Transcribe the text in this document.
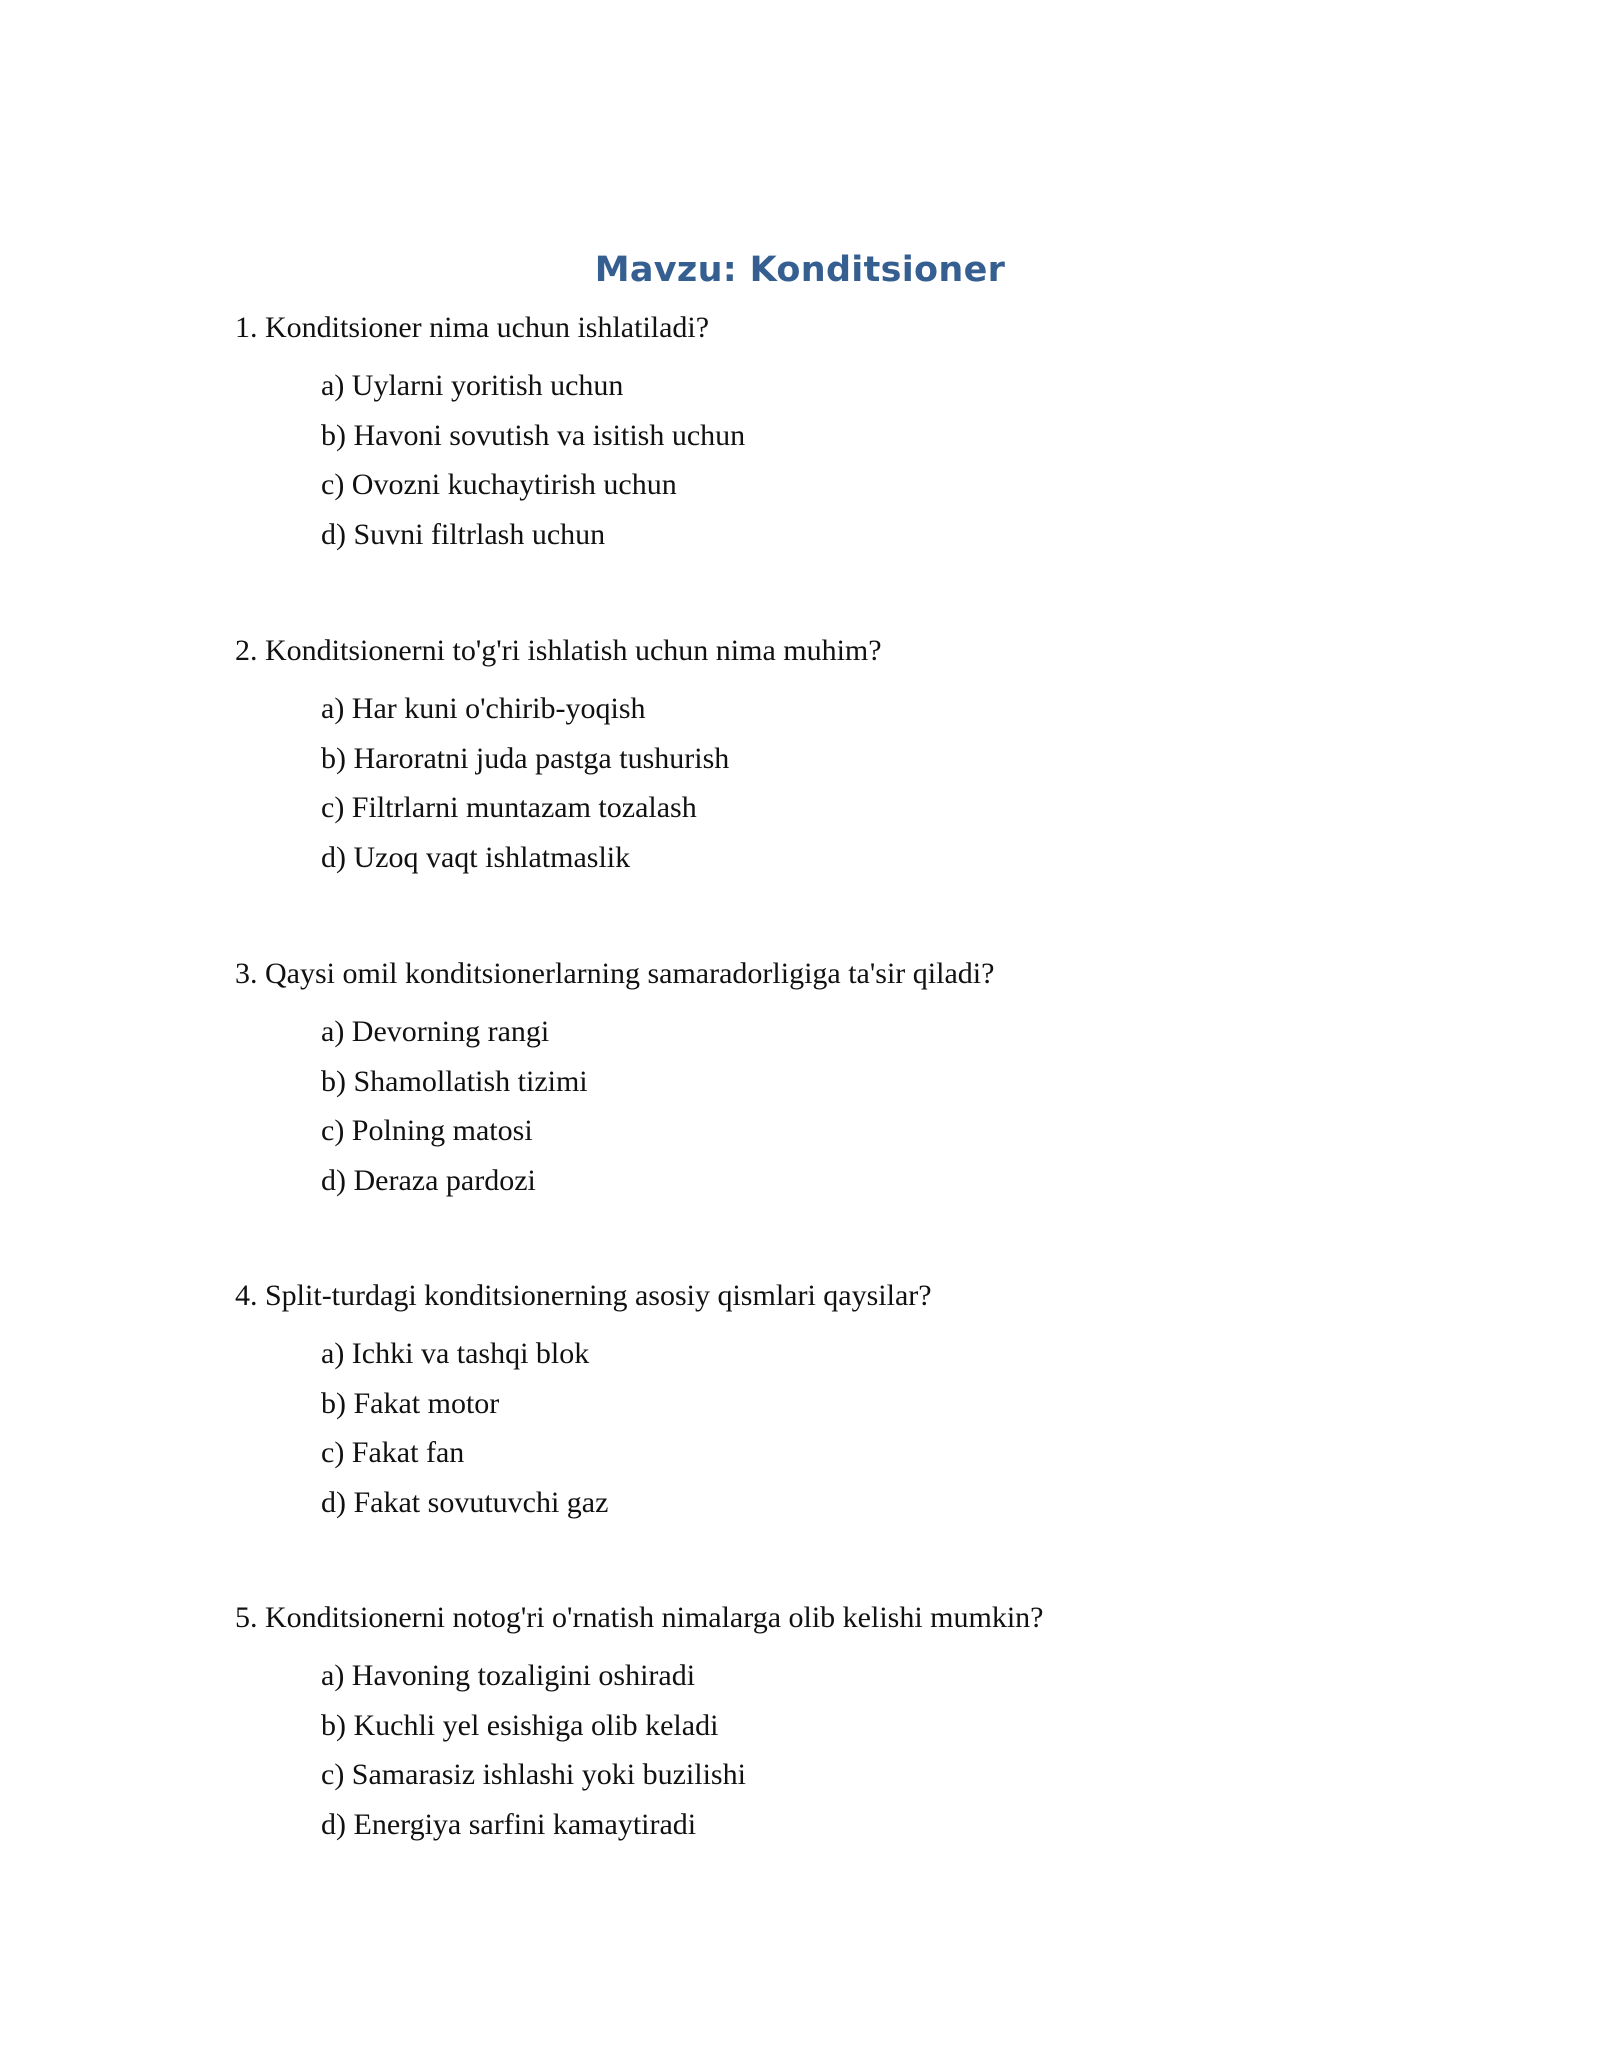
Mavzu: Konditsioner

1. Konditsioner nima uchun ishlatiladi?

a) Uylarni yoritish uchun
b) Havoni sovutish va isitish uchun
c) Ovozni kuchaytirish uchun
d) Suvni filtrlash uchun

2. Konditsionerni to'g'ri ishlatish uchun nima muhim?

a) Har kuni o'chirib-yoqish
b) Haroratni juda pastga tushurish
c) Filtrlarni muntazam tozalash
d) Uzoq vaqt ishlatmaslik

3. Qaysi omil konditsionerlarning samaradorligiga ta'sir qiladi?

a) Devorning rangi
b) Shamollatish tizimi
c) Polning matosi
d) Deraza pardozi

4. Split-turdagi konditsionerning asosiy qismlari qaysilar?

a) Ichki va tashqi blok
b) Fakat motor
c) Fakat fan
d) Fakat sovutuvchi gaz

5. Konditsionerni notog'ri o'rnatish nimalarga olib kelishi mumkin?

a) Havoning tozaligini oshiradi
b) Kuchli yel esishiga olib keladi
c) Samarasiz ishlashi yoki buzilishi
d) Energiya sarfini kamaytiradi
